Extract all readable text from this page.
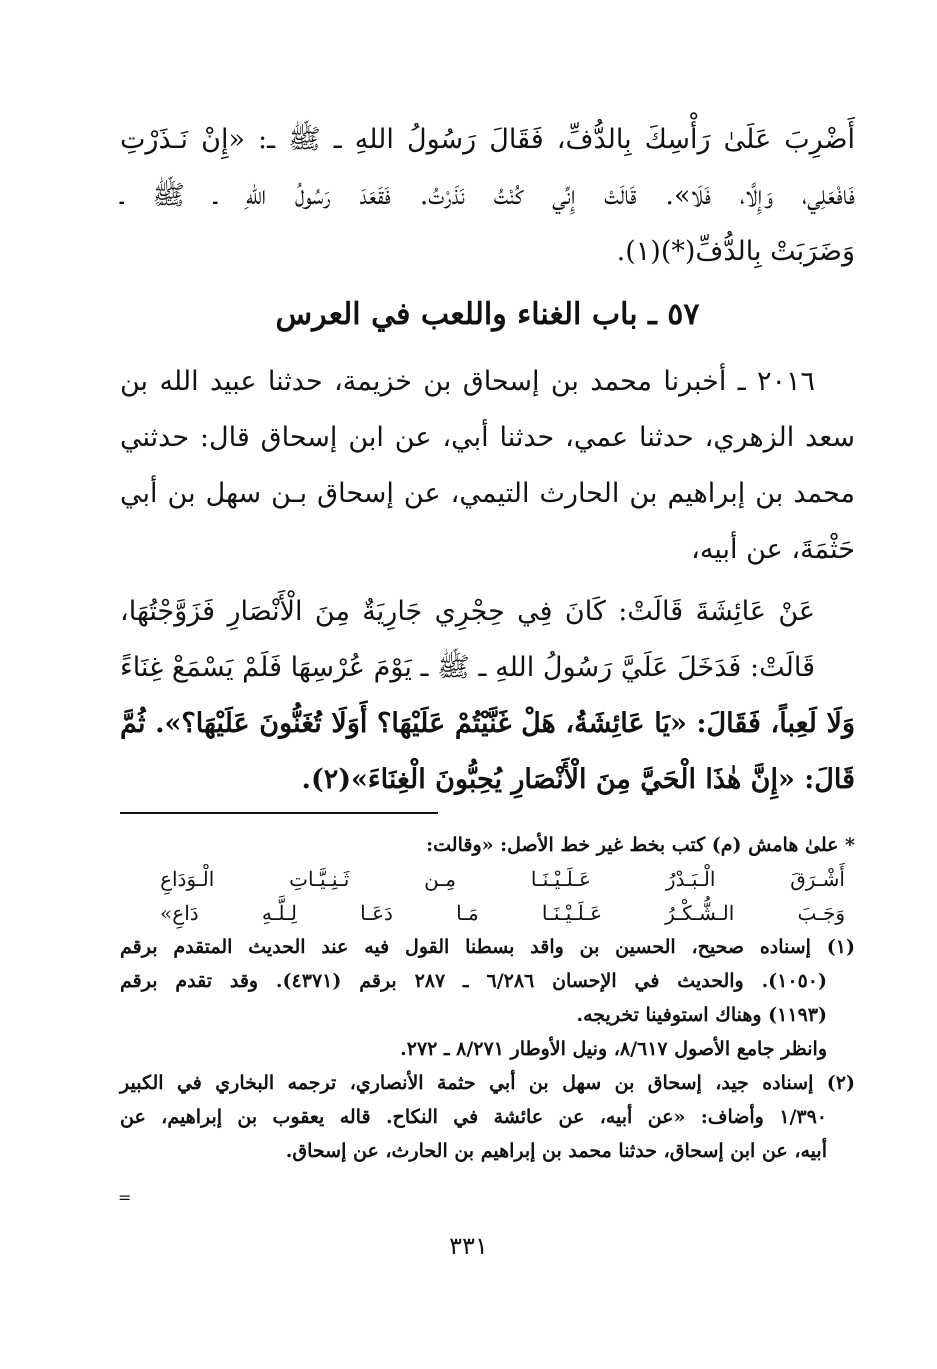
أَضْرِبَ عَلَىٰ رَأْسِكَ بِالدُّفِّ، فَقَالَ رَسُولُ اللهِ ـ ﷺ ـ: «إِنْ نَـذَرْتِ
فَافْعَلِي، وَإِلَّا، فَلَا». قَالَتْ إِنِّي كُنْتُ نَذَرْتُ. فَقَعَدَ رَسُولُ اللهِ ـ ﷺ ـ
وَضَرَبَتْ بِالدُّفِّ(*)(١).
٥٧ ـ باب الغناء واللعب في العرس
٢٠١٦ ـ أخبرنا محمد بن إسحاق بن خزيمة، حدثنا عبيد الله بن
سعد الزهري، حدثنا عمي، حدثنا أبي، عن ابن إسحاق قال: حدثني
محمد بن إبراهيم بن الحارث التيمي، عن إسحاق بـن سهل بن أبي
حَثْمَةَ، عن أبيه،
عَنْ عَائِشَةَ قَالَتْ: كَانَ فِي حِجْرِي جَارِيَةٌ مِنَ الْأَنْصَارِ فَزَوَّجْتُهَا،
قَالَتْ: فَدَخَلَ عَلَيَّ رَسُولُ اللهِ ـ ﷺ ـ يَوْمَ عُرْسِهَا فَلَمْ يَسْمَعْ غِنَاءً
وَلَا لَعِباً، فَقَالَ: «يَا عَائِشَةُ، هَلْ غَنَّيْتُمْ عَلَيْهَا؟ أَوَلَا تُغَنُّونَ عَلَيْهَا؟». ثُمَّ
قَالَ: «إِنَّ هٰذَا الْحَيَّ مِنَ الْأَنْصَارِ يُحِبُّونَ الْغِنَاءَ»(٢).
* علىٰ هامش (م) كتب بخط غير خط الأصل: «وقالت:
أَشْـرَقَ
الْـبَـدْرُ
عَـلَـيْـنَـا
مِـن
ثَـنِـيَّـاتِ
الْـوَدَاعِ
وَجَـبَ
الـشُّـكْـرُ
عَـلَـيْـنَـا
مَـا
دَعَـا
لِـلَّـهِ
دَاعِ»
(١) إسناده صحيح، الحسين بن واقد بسطنا القول فيه عند الحديث المتقدم برقم
(١٠٥٠). والحديث في الإحسان ٦/٢٨٦ ـ ٢٨٧ برقم (٤٣٧١). وقد تقدم برقم
(١١٩٣) وهناك استوفينا تخريجه.
وانظر جامع الأصول ٨/٦١٧، ونيل الأوطار ٨/٢٧١ ـ ٢٧٢.
(٢) إسناده جيد، إسحاق بن سهل بن أبي حثمة الأنصاري، ترجمه البخاري في الكبير
١/٣٩٠ وأضاف: «عن أبيه، عن عائشة في النكاح. قاله يعقوب بن إبراهيم، عن
أبيه، عن ابن إسحاق، حدثنا محمد بن إبراهيم بن الحارث، عن إسحاق.
=
٣٣١
